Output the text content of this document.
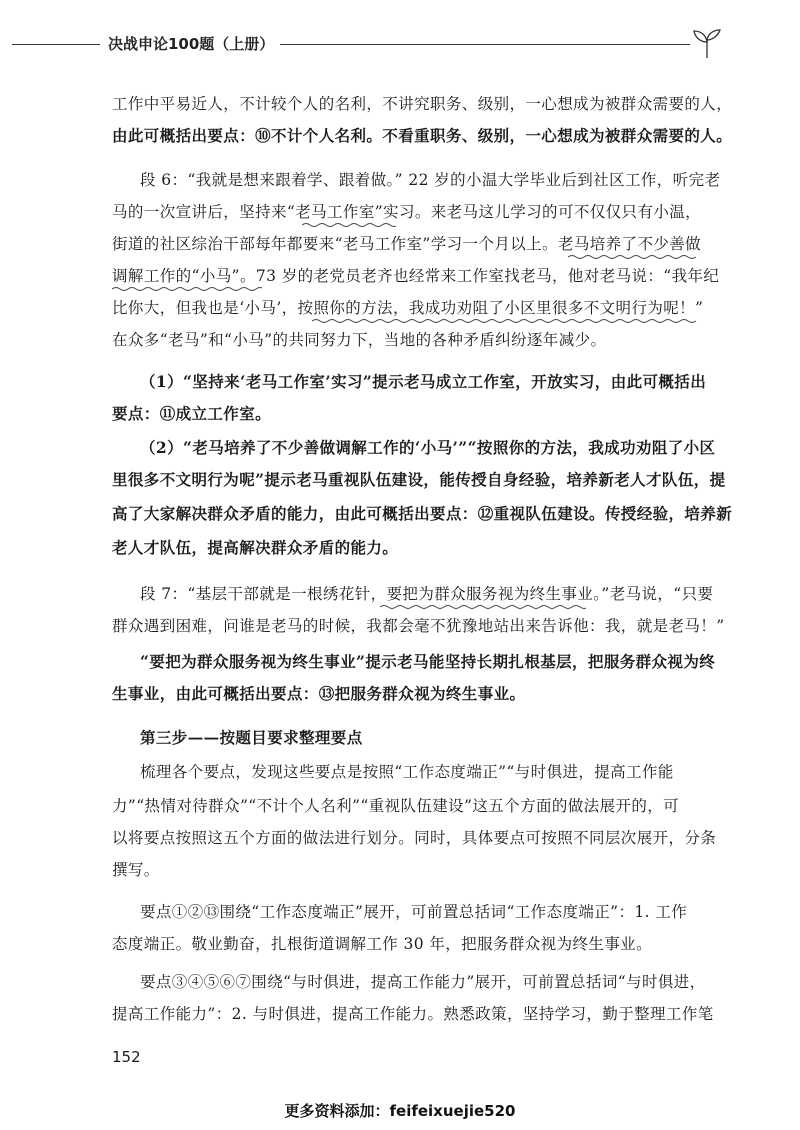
决战申论100题（上册）
工作中平易近人，不计较个人的名利，不讲究职务、级别，一心想成为被群众需要的人，
由此可概括出要点：⑩不计个人名利。不看重职务、级别，一心想成为被群众需要的人。
段 6：“我就是想来跟着学、跟着做。” 22 岁的小温大学毕业后到社区工作，听完老
马的一次宣讲后，坚持来“老马工作室”实习。来老马这儿学习的可不仅仅只有小温，
街道的社区综治干部每年都要来“老马工作室”学习一个月以上。老马培养了不少善做
调解工作的“小马”。73 岁的老党员老齐也经常来工作室找老马，他对老马说：“我年纪
比你大，但我也是‘小马’，按照你的方法，我成功劝阻了小区里很多不文明行为呢！”
在众多“老马”和“小马”的共同努力下，当地的各种矛盾纠纷逐年减少。
（1）“坚持来‘老马工作室’实习”提示老马成立工作室，开放实习，由此可概括出
要点：⑪成立工作室。
（2）“老马培养了不少善做调解工作的‘小马’”“按照你的方法，我成功劝阻了小区
里很多不文明行为呢”提示老马重视队伍建设，能传授自身经验，培养新老人才队伍，提
高了大家解决群众矛盾的能力，由此可概括出要点：⑫重视队伍建设。传授经验，培养新
老人才队伍，提高解决群众矛盾的能力。
段 7：“基层干部就是一根绣花针，要把为群众服务视为终生事业。”老马说，“只要
群众遇到困难，问谁是老马的时候，我都会毫不犹豫地站出来告诉他：我，就是老马！”
“要把为群众服务视为终生事业”提示老马能坚持长期扎根基层，把服务群众视为终
生事业，由此可概括出要点：⑬把服务群众视为终生事业。
第三步——按题目要求整理要点
梳理各个要点，发现这些要点是按照“工作态度端正”“与时俱进，提高工作能
力”“热情对待群众”“不计个人名利”“重视队伍建设”这五个方面的做法展开的，可
以将要点按照这五个方面的做法进行划分。同时，具体要点可按照不同层次展开，分条
撰写。
要点①②⑬围绕“工作态度端正”展开，可前置总括词“工作态度端正”：1. 工作
态度端正。敬业勤奋，扎根街道调解工作 30 年，把服务群众视为终生事业。
要点③④⑤⑥⑦围绕“与时俱进，提高工作能力”展开，可前置总括词“与时俱进，
提高工作能力”：2. 与时俱进，提高工作能力。熟悉政策，坚持学习，勤于整理工作笔
152
更多资料添加：feifeixuejie520
